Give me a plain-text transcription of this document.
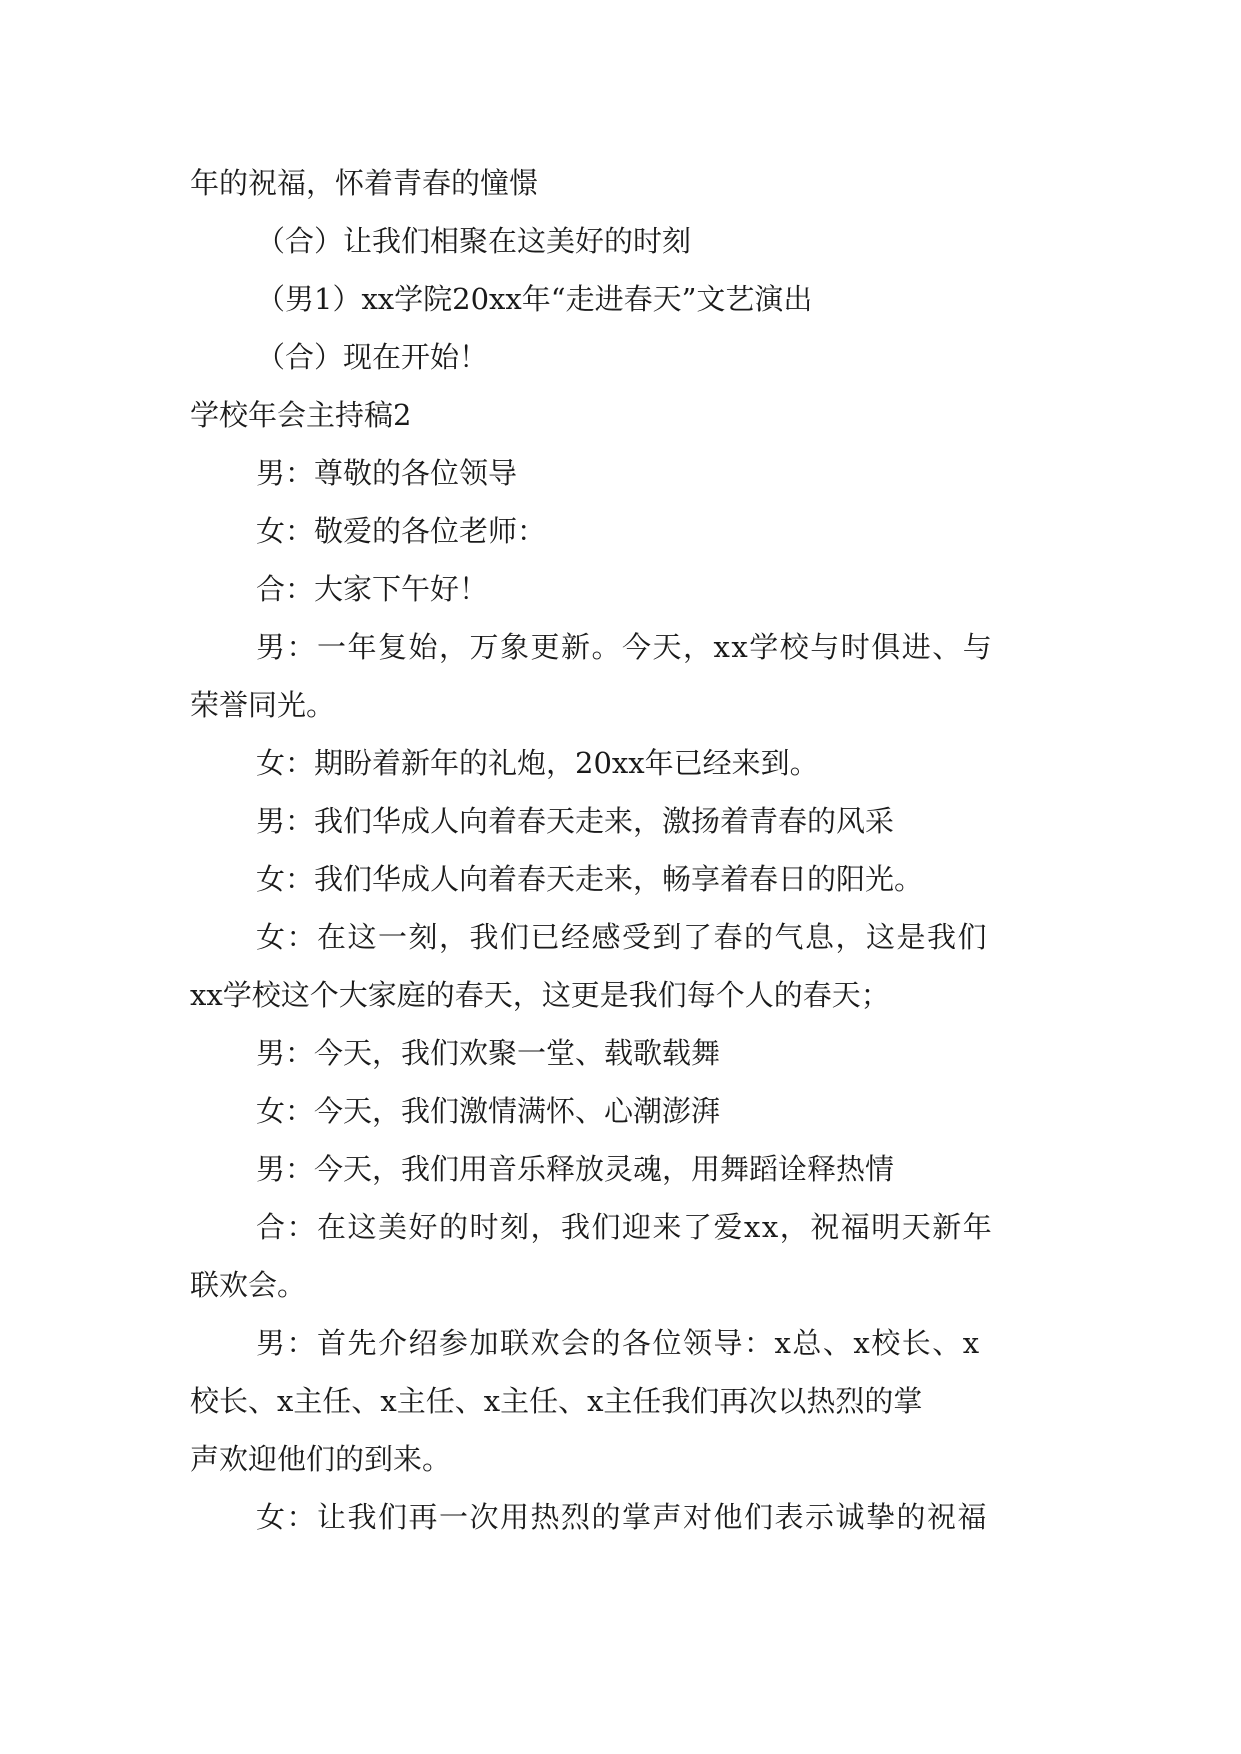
年的祝福，怀着青春的憧憬
（合）让我们相聚在这美好的时刻
（男1）xx学院20xx年“走进春天”文艺演出
（合）现在开始！
学校年会主持稿2
男：尊敬的各位领导
女：敬爱的各位老师：
合：大家下午好！
男：一年复始，万象更新。今天，xx学校与时俱进、与
荣誉同光。
女：期盼着新年的礼炮，20xx年已经来到。
男：我们华成人向着春天走来，激扬着青春的风采
女：我们华成人向着春天走来，畅享着春日的阳光。
女：在这一刻，我们已经感受到了春的气息，这是我们
xx学校这个大家庭的春天，这更是我们每个人的春天；
男：今天，我们欢聚一堂、载歌载舞
女：今天，我们激情满怀、心潮澎湃
男：今天，我们用音乐释放灵魂，用舞蹈诠释热情
合：在这美好的时刻，我们迎来了爱xx，祝福明天新年
联欢会。
男：首先介绍参加联欢会的各位领导：x总、x校长、x
校长、x主任、x主任、x主任、x主任我们再次以热烈的掌
声欢迎他们的到来。
女：让我们再一次用热烈的掌声对他们表示诚挚的祝福
